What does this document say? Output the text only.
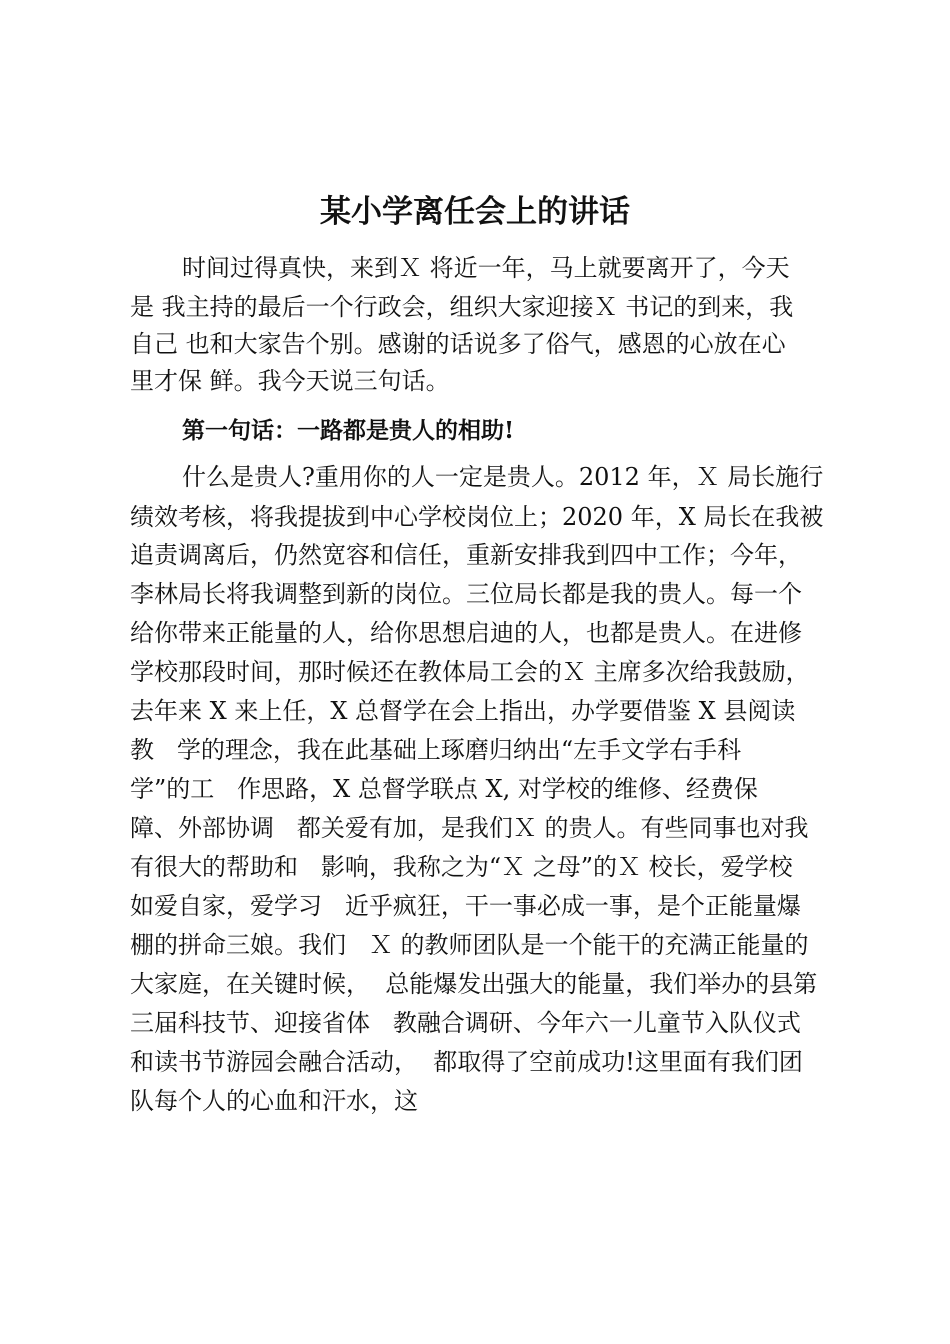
某小学离任会上的讲话
时间过得真快，来到Ｘ 将近一年，马上就要离开了，今天
是 我主持的最后一个行政会，组织大家迎接Ｘ 书记的到来，我
自己 也和大家告个别。感谢的话说多了俗气，感恩的心放在心
里才保 鲜。我今天说三句话。
第一句话：一路都是贵人的相助!
什么是贵人?重用你的人一定是贵人。2012 年，Ｘ 局长施行
绩效考核，将我提拔到中心学校岗位上；2020 年，X 局长在我被
追责调离后，仍然宽容和信任，重新安排我到四中工作；今年，
李林局长将我调整到新的岗位。三位局长都是我的贵人。每一个
给你带来正能量的人，给你思想启迪的人，也都是贵人。在进修
学校那段时间，那时候还在教体局工会的Ｘ 主席多次给我鼓励，
去年来 X 来上任，X 总督学在会上指出，办学要借鉴 X 县阅读
教   学的理念，我在此基础上琢磨归纳出“左手文学右手科
学”的工   作思路，X 总督学联点 X, 对学校的维修、经费保
障、外部协调   都关爱有加，是我们Ｘ 的贵人。有些同事也对我
有很大的帮助和   影响，我称之为“Ｘ 之母”的Ｘ 校长，爱学校
如爱自家，爱学习   近乎疯狂，干一事必成一事，是个正能量爆
棚的拼命三娘。我们   Ｘ 的教师团队是一个能干的充满正能量的
大家庭，在关键时候，  总能爆发出强大的能量，我们举办的县第
三届科技节、迎接省体   教融合调研、今年六一儿童节入队仪式
和读书节游园会融合活动，  都取得了空前成功!这里面有我们团
队每个人的心血和汗水，这
